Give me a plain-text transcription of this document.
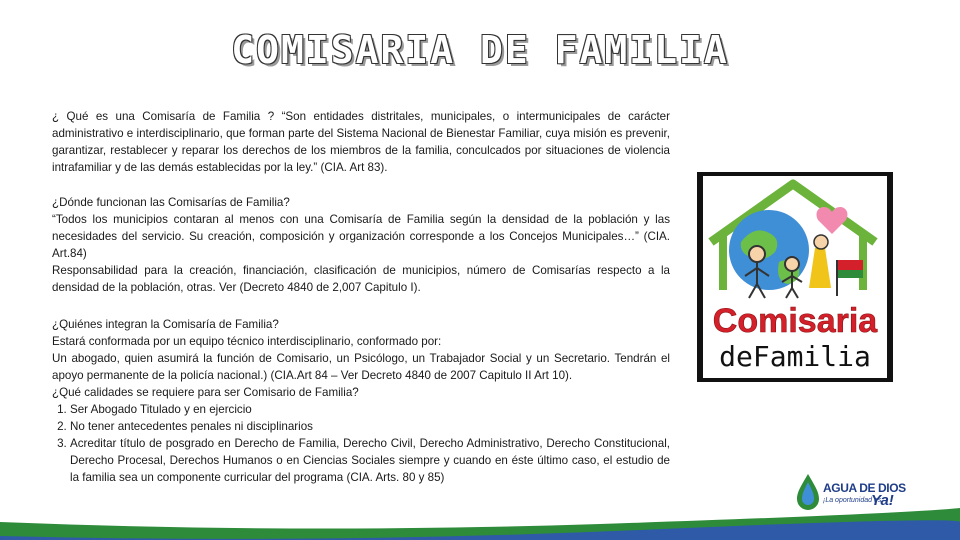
COMISARIA DE FAMILIA

¿ Qué es una Comisaría de Familia ? “Son entidades distritales, municipales, o intermunicipales de carácter administrativo e interdisciplinario, que forman parte del Sistema Nacional de Bienestar Familiar, cuya misión es prevenir, garantizar, restablecer y reparar los derechos de los miembros de la familia, conculcados por situaciones de violencia intrafamiliar y de las demás establecidas por la ley.” (CIA. Art 83).

¿Dónde funcionan las Comisarías de Familia?

“Todos los municipios contaran al menos con una Comisaría de Familia según la densidad de la población y las necesidades del servicio. Su creación, composición y organización corresponde a los Concejos Municipales…” (CIA. Art.84)

Responsabilidad para la creación, financiación, clasificación de municipios, número de Comisarías respecto a la densidad de la población, otras. Ver (Decreto 4840 de 2,007 Capitulo I).

¿Quiénes integran la Comisaría de Familia?

Estará conformada por un equipo técnico interdisciplinario, conformado por:

Un abogado, quien asumirá la función de Comisario, un Psicólogo, un Trabajador Social y un Secretario. Tendrán el apoyo permanente de la policía nacional.) (CIA.Art 84 – Ver Decreto 4840 de 2007 Capitulo II Art 10).

¿Qué calidades se requiere para ser Comisario de Familia?

1. Ser Abogado Titulado y en ejercicio
2. No tener antecedentes penales ni disciplinarios
3. Acreditar título de posgrado en Derecho de Familia, Derecho Civil, Derecho Administrativo, Derecho Constitucional, Derecho Procesal, Derechos Humanos o en Ciencias Sociales siempre y cuando en éste último caso, el estudio de la familia sea un componente curricular del programa (CIA. Arts. 80 y 85)
Comisaria
deFamilia
AGUA DE DIOS
¡La oportunidad es
Ya!
